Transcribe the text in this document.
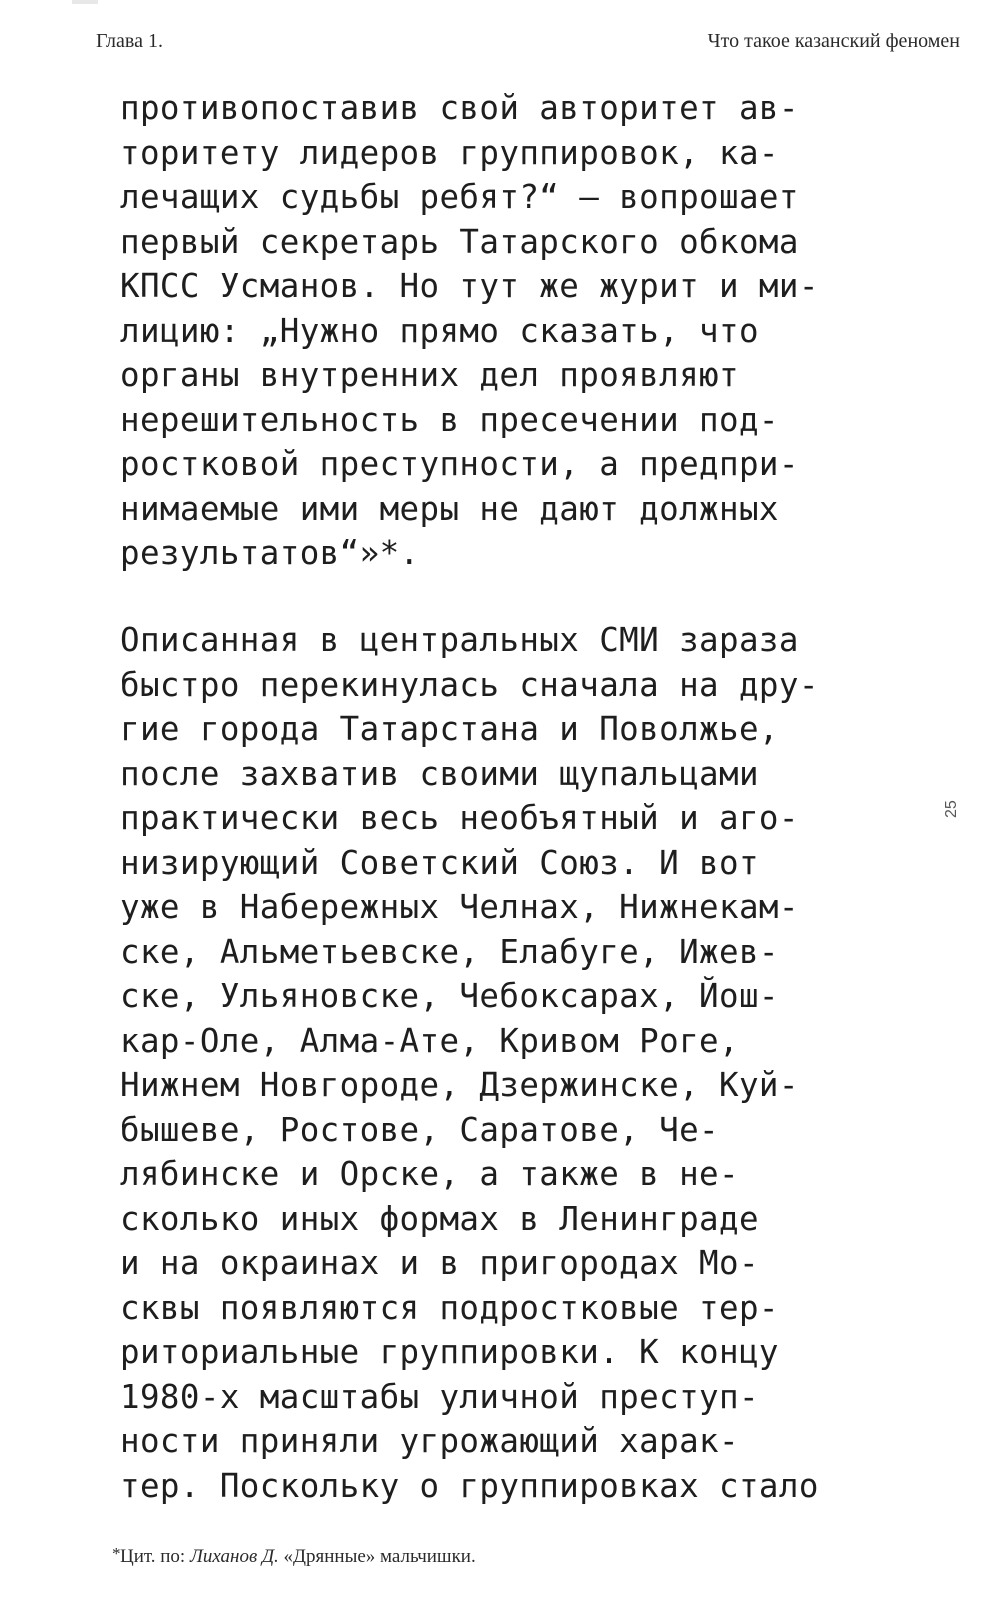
Глава 1.	Что такое казанский феномен
противопоставив свой авторитет ав-
торитету лидеров группировок, ка-
лечащих судьбы ребят?“ — вопрошает
первый секретарь Татарского обкома
КПСС Усманов. Но тут же журит и ми-
лицию: „Нужно прямо сказать, что
органы внутренних дел проявляют
нерешительность в пресечении под-
ростковой преступности, а предпри-
нимаемые ими меры не дают должных
результатов“»*.
Описанная в центральных СМИ зараза
быстро перекинулась сначала на дру-
гие города Татарстана и Поволжье,
после захватив своими щупальцами
практически весь необъятный и аго-
низирующий Советский Союз. И вот
уже в Набережных Челнах, Нижнекам-
ске, Альметьевске, Елабуге, Ижев-
ске, Ульяновске, Чебоксарах, Йош-
кар-Оле, Алма-Ате, Кривом Роге,
Нижнем Новгороде, Дзержинске, Куй-
бышеве, Ростове, Саратове, Че-
лябинске и Орске, а также в не-
сколько иных формах в Ленинграде
и на окраинах и в пригородах Мо-
сквы появляются подростковые тер-
риториальные группировки. К концу
1980-х масштабы уличной преступ-
ности приняли угрожающий харак-
тер. Поскольку о группировках стало
25
* Цит. по: Лиханов Д. «Дрянные» мальчишки.
